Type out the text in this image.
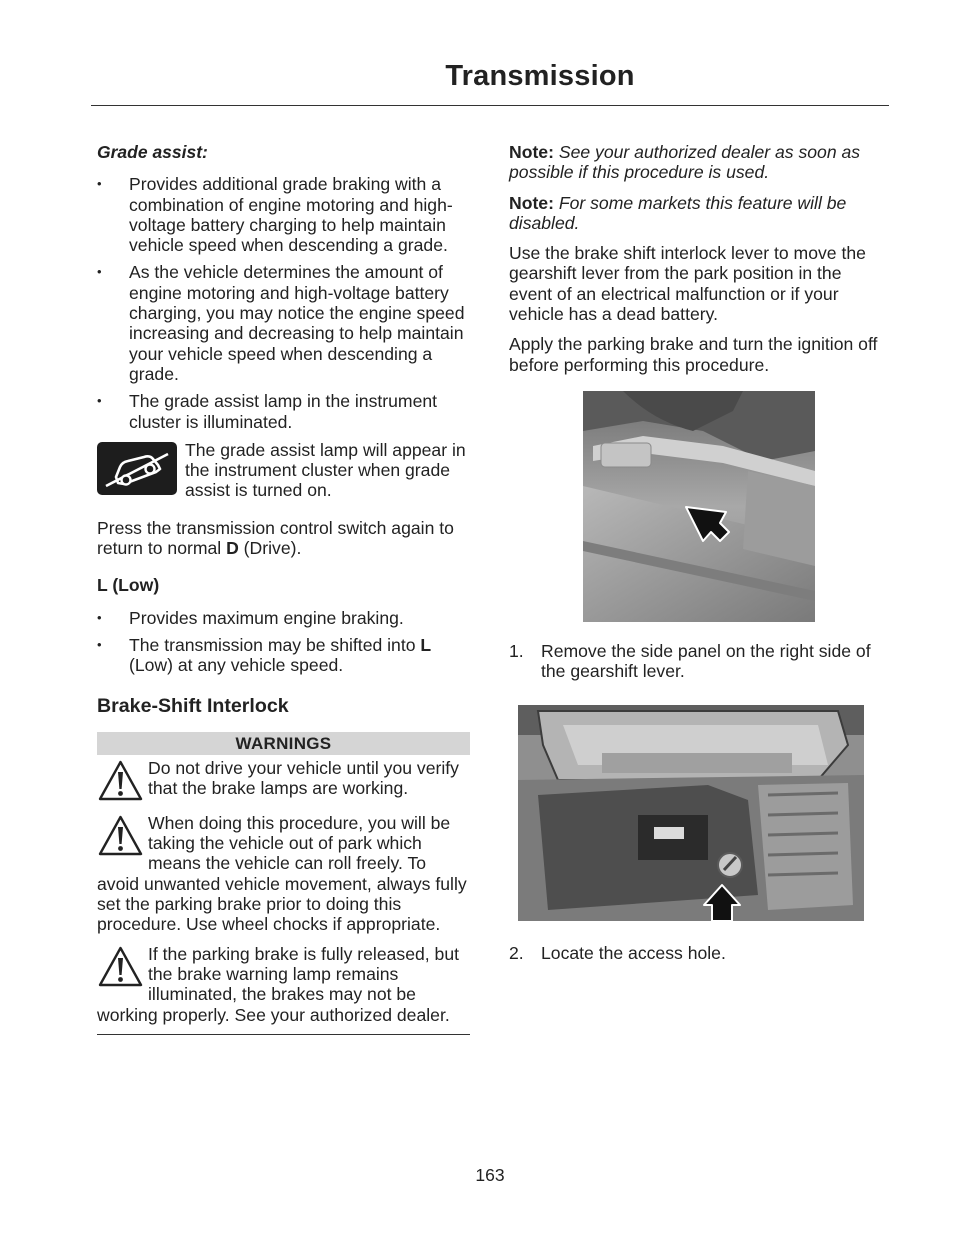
Transmission

Grade assist:

• Provides additional grade braking with a combination of engine motoring and high-voltage battery charging to help maintain vehicle speed when descending a grade.
• As the vehicle determines the amount of engine motoring and high-voltage battery charging, you may notice the engine speed increasing and decreasing to help maintain your vehicle speed when descending a grade.
• The grade assist lamp in the instrument cluster is illuminated.
The grade assist lamp will appear in the instrument cluster when grade assist is turned on.

Press the transmission control switch again to return to normal D (Drive).

L (Low)

• Provides maximum engine braking.
• The transmission may be shifted into L (Low) at any vehicle speed.

Brake-Shift Interlock

WARNINGS
Do not drive your vehicle until you verify that the brake lamps are working.
When doing this procedure, you will be taking the vehicle out of park which means the vehicle can roll freely. To avoid unwanted vehicle movement, always fully set the parking brake prior to doing this procedure. Use wheel chocks if appropriate.
If the parking brake is fully released, but the brake warning lamp remains illuminated, the brakes may not be working properly. See your authorized dealer.

Note: See your authorized dealer as soon as possible if this procedure is used.

Note: For some markets this feature will be disabled.

Use the brake shift interlock lever to move the gearshift lever from the park position in the event of an electrical malfunction or if your vehicle has a dead battery.

Apply the parking brake and turn the ignition off before performing this procedure.

1. Remove the side panel on the right side of the gearshift lever.
2. Locate the access hole.
163
